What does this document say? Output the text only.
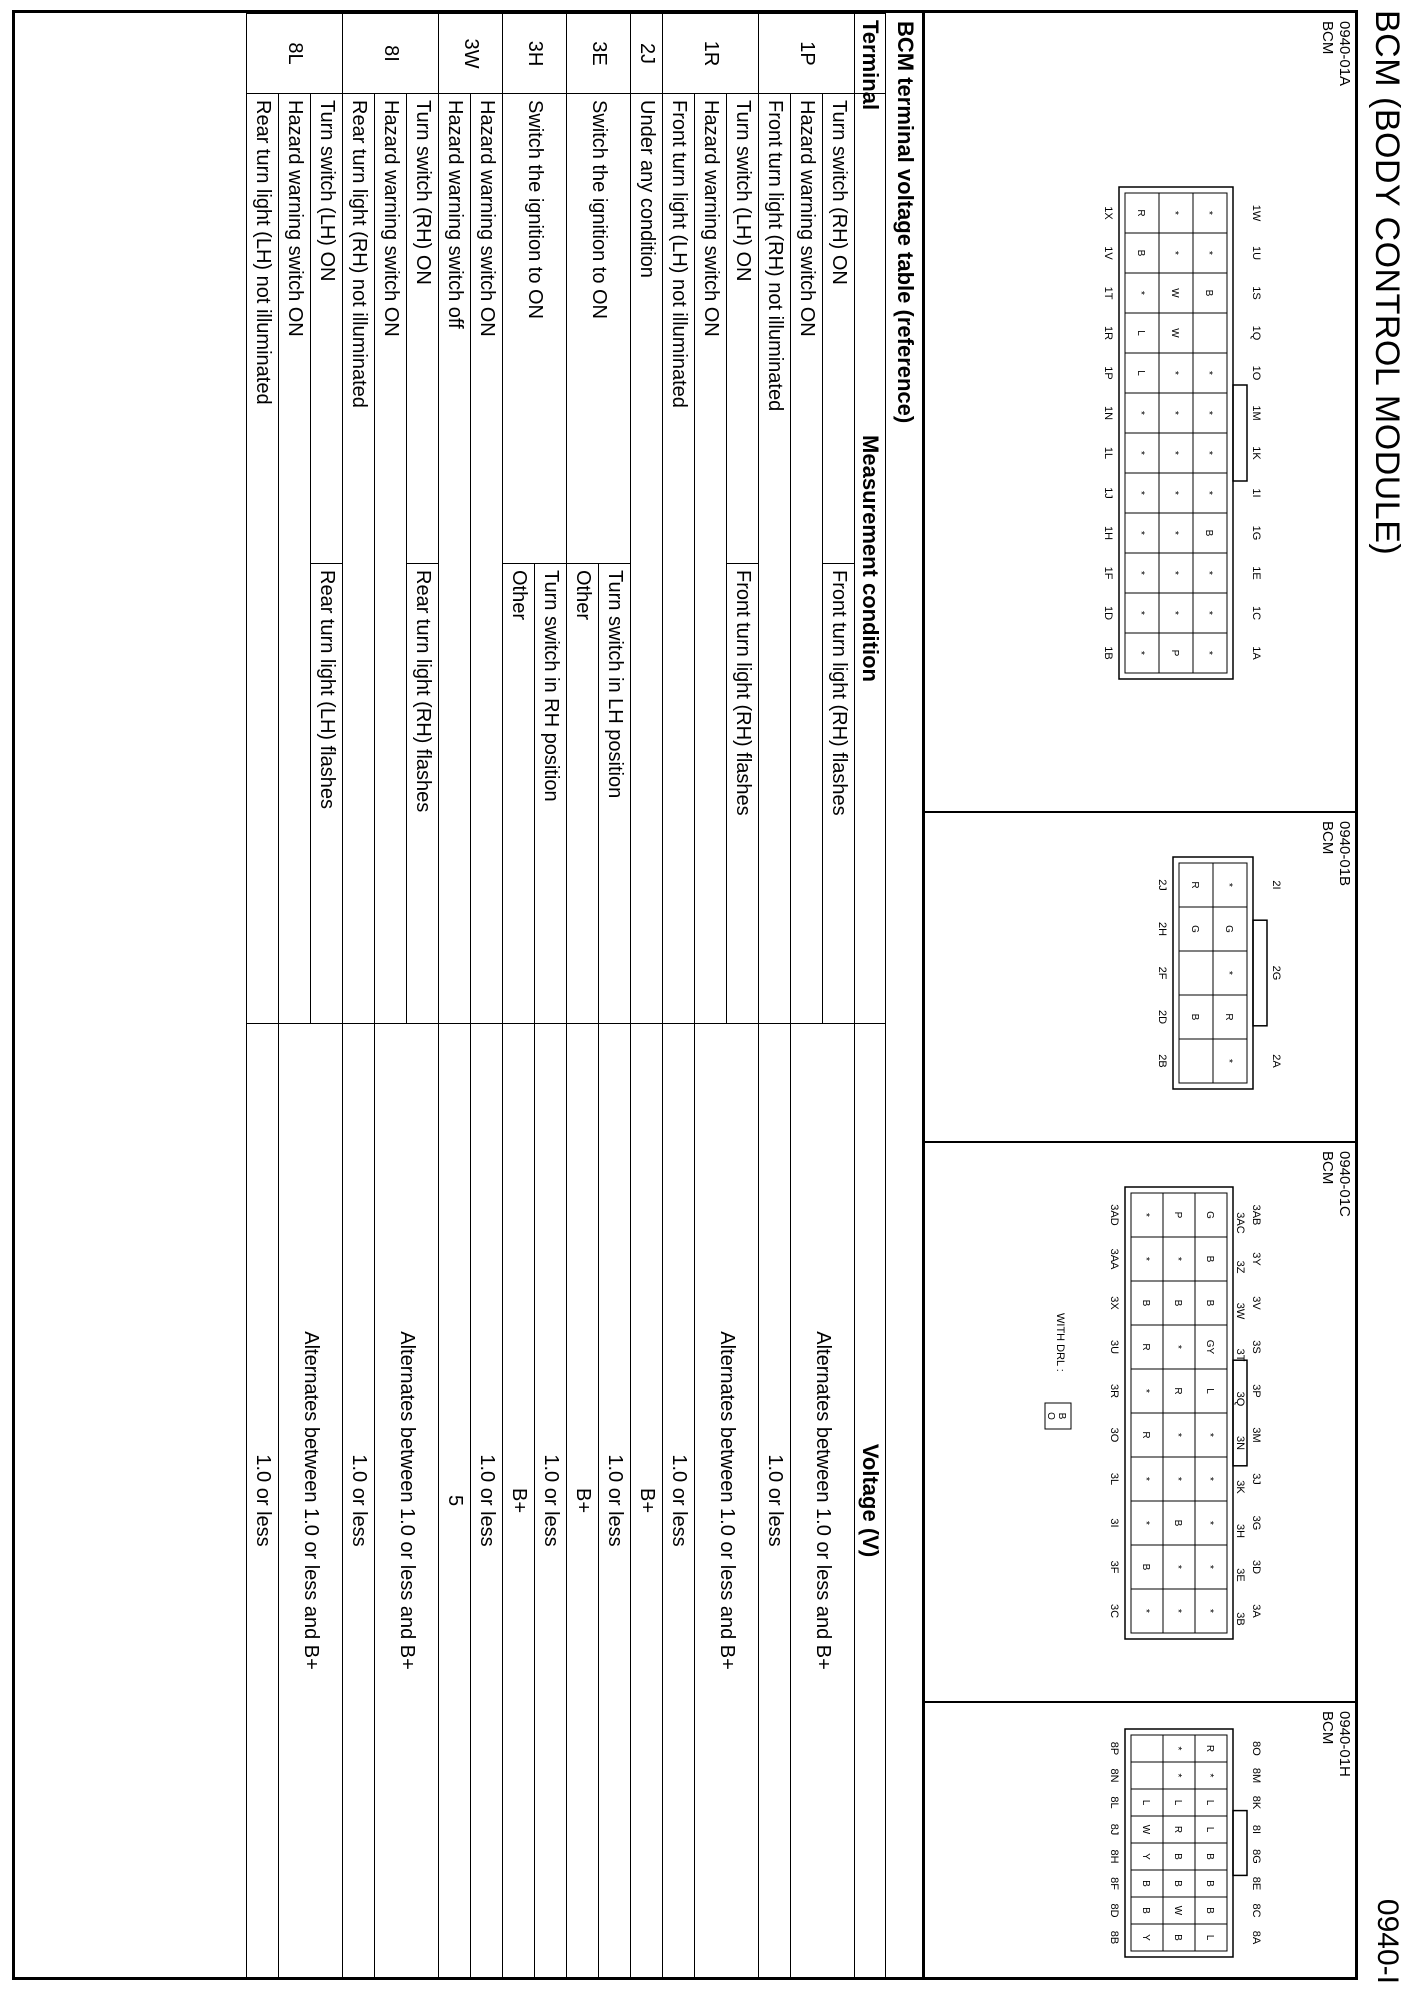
BCM (BODY CONTROL MODULE)
0940-I
0940-01A
BCM
*
*
B
*
*
*
*
B
*
*
*
*
*
W
W
*
*
*
*
*
*
*
P
R
B
*
L
L
*
*
*
*
*
*
*
1W
1U
1S
1Q
1O
1M
1K
1I
1G
1E
1C
1A
1X
1V
1T
1R
1P
1N
1L
1J
1H
1F
1D
1B
0940-01B
BCM
*
G
*
R
*
R
G
B
2I
2G
2A
2J
2H
2F
2D
2B
0940-01C
BCM
G
B
B
GY
L
*
*
*
*
*
P
*
B
*
R
*
*
B
*
*
*
*
B
R
*
R
*
*
B
*
3AB
3Y
3V
3S
3P
3M
3J
3G
3D
3A
3AC
3Z
3W
3T
3Q
3N
3K
3H
3E
3B
3AD
3AA
3X
3U
3R
3O
3L
3I
3F
3C
WITH DRL :
B
O
0940-01H
BCM
R
*
L
L
B
B
B
L
*
*
L
R
B
B
W
B
L
W
Y
B
B
Y
8O
8M
8K
8I
8G
8E
8C
8A
8P
8N
8L
8J
8H
8F
8D
8B
BCM terminal voltage table (reference)
Terminal	Measurement condition		Voltage (V)
1P	Turn switch (RH) ON	Front turn light (RH) flashes	Alternates between 1.0 or less and B+
	Hazard warning switch ON		
	Front turn light (RH) not illuminated		1.0 or less
1R	Turn switch (LH) ON	Front turn light (RH) flashes	Alternates between 1.0 or less and B+
	Hazard warning switch ON		
	Front turn light (LH) not illuminated		1.0 or less
2J	Under any condition		B+
3E	Switch the ignition to ON	Turn switch in LH position	1.0 or less
		Other	B+
3H	Switch the ignition to ON	Turn switch in RH position	1.0 or less
		Other	B+
3W	Hazard warning switch ON		1.0 or less
	Hazard warning switch off		5
8I	Turn switch (RH) ON	Rear turn light (RH) flashes	Alternates between 1.0 or less and B+
	Hazard warning switch ON		
	Rear turn light (RH) not illuminated		1.0 or less
8L	Turn switch (LH) ON	Rear turn light (LH) flashes	Alternates between 1.0 or less and B+
	Hazard warning switch ON		
	Rear turn light (LH) not illuminated		1.0 or less
